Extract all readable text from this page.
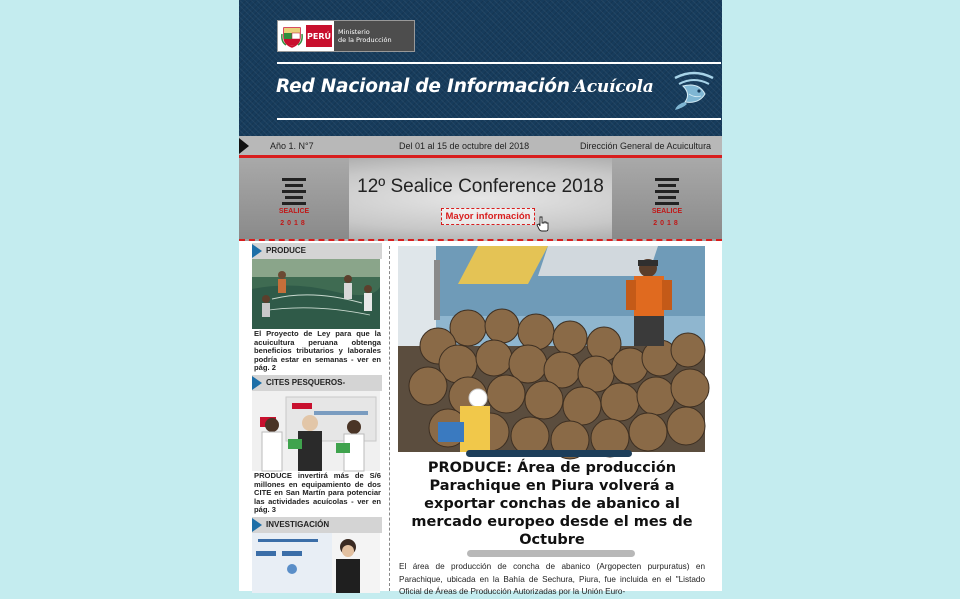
PERÚ Ministerio
de la Producción
Red Nacional de Información Acuícola
Año 1. N°7	Del 01 al 15 de octubre del 2018	Dirección General de Acuicultura
SEALICE
2018
12º Sealice Conference 2018
Mayor información	SEALICE
2018
PRODUCE
El Proyecto de Ley para que la acuicultura peruana obtenga beneficios tributarios y laborales podría estar en semanas - ver en pág. 2
CITES PESQUEROS-
PRODUCE invertirá más de S/6 millones en equipamiento de dos CITE en San Martín para potenciar las actividades acuícolas - ver en pág. 3
INVESTIGACIÓN
PRODUCE: Área de producción Parachique en Piura volverá a exportar conchas de abanico al mercado europeo desde el mes de Octubre
El área de producción de concha de abanico (Argopecten purpuratus) en Parachique, ubicada en la Bahía de Sechura, Piura, fue incluida en el "Listado Oficial de Áreas de Producción Autorizadas por la Unión Euro-
